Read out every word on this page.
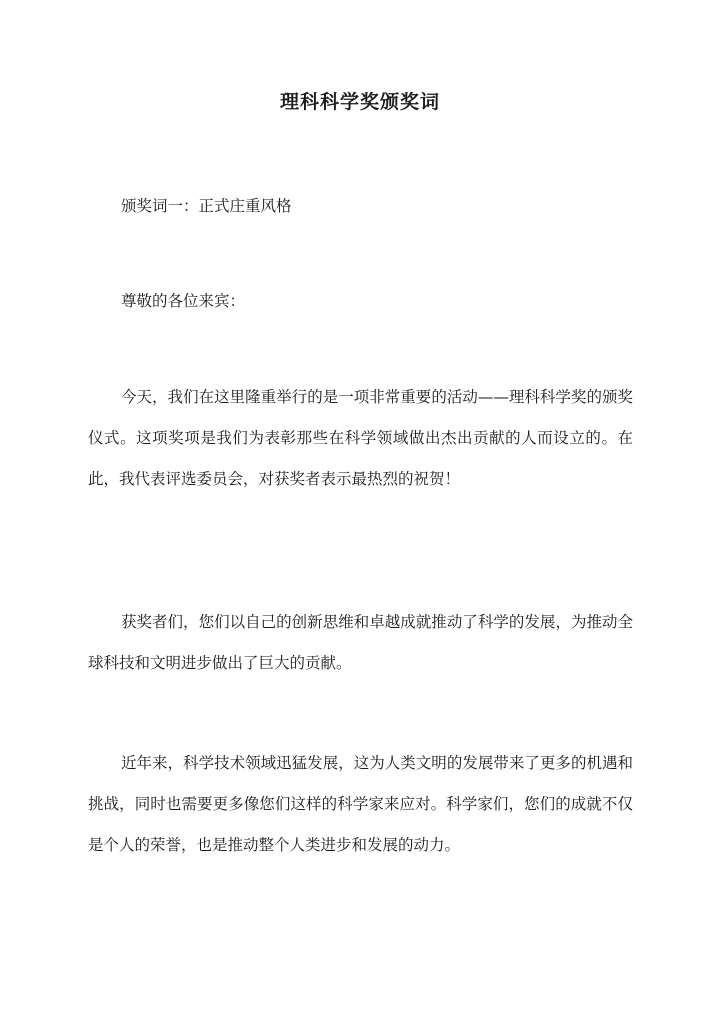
理科科学奖颁奖词

颁奖词一：正式庄重风格

尊敬的各位来宾：

今天，我们在这里隆重举行的是一项非常重要的活动——理科科学奖的颁奖仪式。这项奖项是我们为表彰那些在科学领域做出杰出贡献的人而设立的。在此，我代表评选委员会，对获奖者表示最热烈的祝贺！

获奖者们，您们以自己的创新思维和卓越成就推动了科学的发展，为推动全球科技和文明进步做出了巨大的贡献。

近年来，科学技术领域迅猛发展，这为人类文明的发展带来了更多的机遇和挑战，同时也需要更多像您们这样的科学家来应对。科学家们，您们的成就不仅是个人的荣誉，也是推动整个人类进步和发展的动力。
